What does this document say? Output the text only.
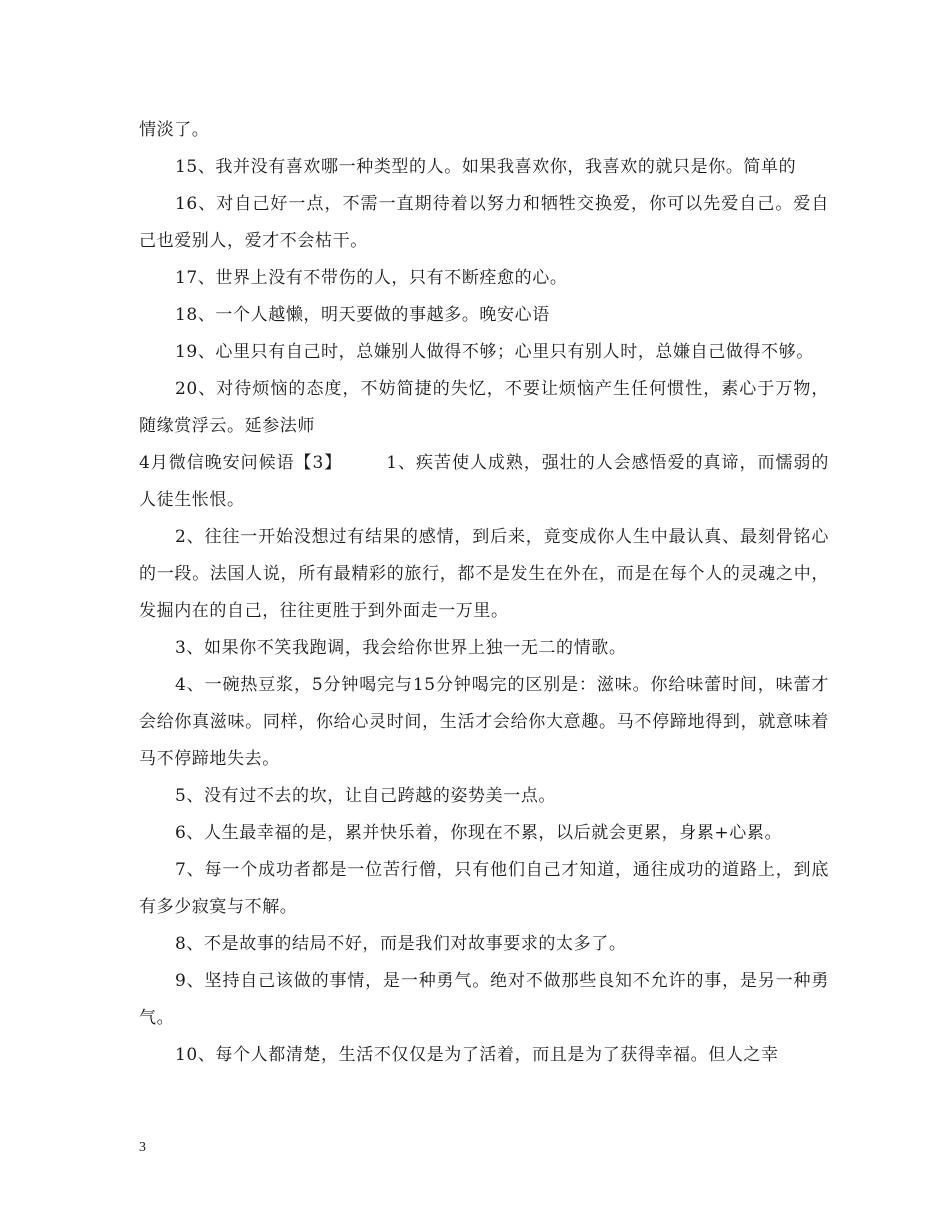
情淡了。

15、我并没有喜欢哪一种类型的人。如果我喜欢你，我喜欢的就只是你。简单的

16、对自己好一点，不需一直期待着以努力和牺牲交换爱，你可以先爱自己。爱自己也爱别人，爱才不会枯干。

17、世界上没有不带伤的人，只有不断痊愈的心。

18、一个人越懒，明天要做的事越多。晚安心语

19、心里只有自己时，总嫌别人做得不够；心里只有别人时，总嫌自己做得不够。

20、对待烦恼的态度，不妨简捷的失忆，不要让烦恼产生任何惯性，素心于万物，随缘赏浮云。延参法师

4月微信晚安问候语【3】	1、疾苦使人成熟，强壮的人会感悟爱的真谛，而懦弱的人徒生怅恨。

2、往往一开始没想过有结果的感情，到后来，竟变成你人生中最认真、最刻骨铭心的一段。法国人说，所有最精彩的旅行，都不是发生在外在，而是在每个人的灵魂之中，发掘内在的自己，往往更胜于到外面走一万里。

3、如果你不笑我跑调，我会给你世界上独一无二的情歌。

4、一碗热豆浆，5分钟喝完与15分钟喝完的区别是：滋味。你给味蕾时间，味蕾才会给你真滋味。同样，你给心灵时间，生活才会给你大意趣。马不停蹄地得到，就意味着马不停蹄地失去。

5、没有过不去的坎，让自己跨越的姿势美一点。

6、人生最幸福的是，累并快乐着，你现在不累，以后就会更累，身累+心累。

7、每一个成功者都是一位苦行僧，只有他们自己才知道，通往成功的道路上，到底有多少寂寞与不解。

8、不是故事的结局不好，而是我们对故事要求的太多了。

9、坚持自己该做的事情，是一种勇气。绝对不做那些良知不允许的事，是另一种勇气。

10、每个人都清楚，生活不仅仅是为了活着，而且是为了获得幸福。但人之幸

3
